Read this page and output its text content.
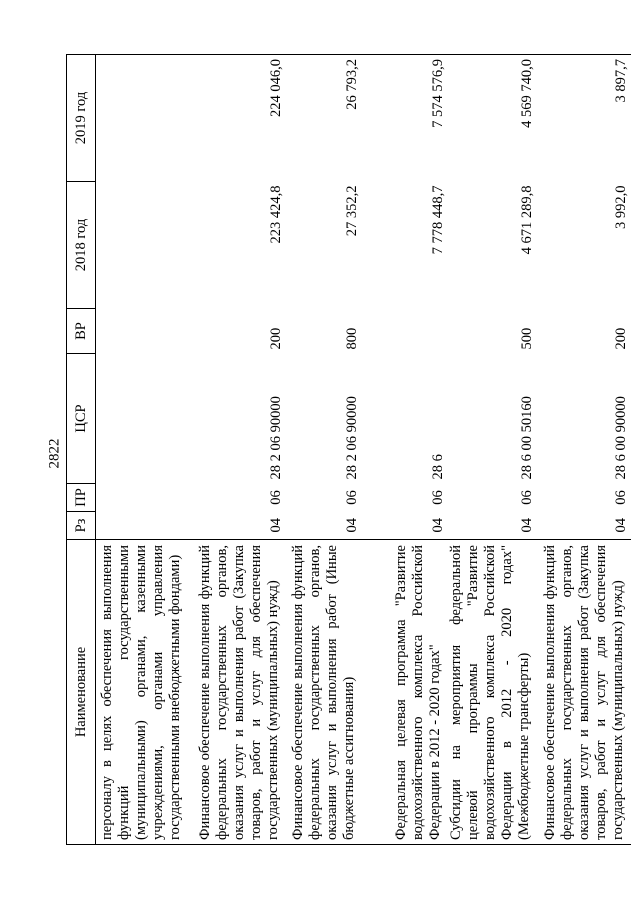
2822
Наименование	Рз	ПР	ЦСР	ВР	2018 год	2019 год
персоналу в целях обеспечения выполнения функций государственными (муниципальными) органами, казенными учреждениями, органами управления государственными внебюджетными фондами)						
Финансовое обеспечение выполнения функций федеральных государственных органов, оказания услуг и выполнения работ (Закупка товаров, работ и услуг для обеспечения государственных (муниципальных) нужд)	04	06	28 2 06 90000	200	223 424,8	224 046,0
Финансовое обеспечение выполнения функций федеральных государственных органов, оказания услуг и выполнения работ (Иные бюджетные ассигнования)	04	06	28 2 06 90000	800	27 352,2	26 793,2
Федеральная целевая программа "Развитие водохозяйственного комплекса Российской Федерации в 2012 - 2020 годах"	04	06	28 6		7 778 448,7	7 574 576,9
Субсидии на мероприятия федеральной целевой программы "Развитие водохозяйственного комплекса Российской Федерации в 2012 - 2020 годах" (Межбюджетные трансферты)	04	06	28 6 00 50160	500	4 671 289,8	4 569 740,0
Финансовое обеспечение выполнения функций федеральных государственных органов, оказания услуг и выполнения работ (Закупка товаров, работ и услуг для обеспечения государственных (муниципальных) нужд)	04	06	28 6 00 90000	200	3 992,0	3 897,7
